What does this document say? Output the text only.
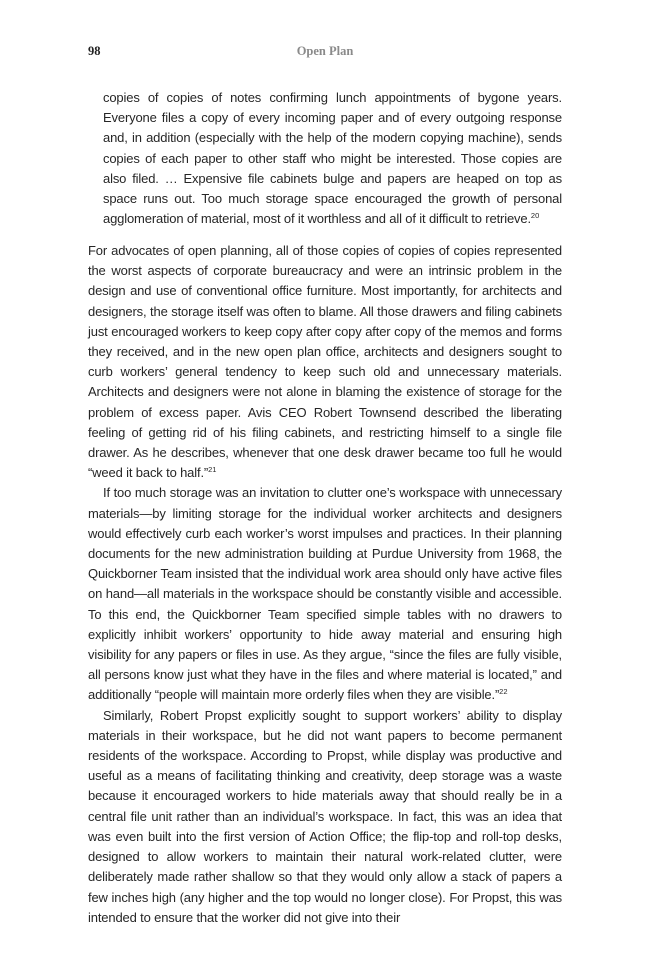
98	Open Plan

copies of copies of notes confirming lunch appointments of bygone years. Everyone files a copy of every incoming paper and of every outgoing response and, in addition (especially with the help of the modern copying machine), sends copies of each paper to other staff who might be interested. Those copies are also filed. … Expensive file cabinets bulge and papers are heaped on top as space runs out. Too much storage space encouraged the growth of personal agglomeration of material, most of it worthless and all of it difficult to retrieve.$^{20}$

For advocates of open planning, all of those copies of copies of copies represented the worst aspects of corporate bureaucracy and were an intrinsic problem in the design and use of conventional office furniture. Most importantly, for architects and designers, the storage itself was often to blame. All those drawers and filing cabinets just encouraged workers to keep copy after copy after copy of the memos and forms they received, and in the new open plan office, architects and designers sought to curb workers’ general tendency to keep such old and unnecessary materials. Architects and designers were not alone in blaming the existence of storage for the problem of excess paper. Avis CEO Robert Townsend described the liberating feeling of getting rid of his filing cabinets, and restricting himself to a single file drawer. As he describes, whenever that one desk drawer became too full he would “weed it back to half.”$^{21}$

If too much storage was an invitation to clutter one’s workspace with unnecessary materials—by limiting storage for the individual worker architects and designers would effectively curb each worker’s worst impulses and practices. In their planning documents for the new administration building at Purdue University from 1968, the Quickborner Team insisted that the individual work area should only have active files on hand—all materials in the workspace should be constantly visible and accessible. To this end, the Quickborner Team specified simple tables with no drawers to explicitly inhibit workers’ opportunity to hide away material and ensuring high visibility for any papers or files in use. As they argue, “since the files are fully visible, all persons know just what they have in the files and where material is located,” and additionally “people will maintain more orderly files when they are visible.”$^{22}$

Similarly, Robert Propst explicitly sought to support workers’ ability to display materials in their workspace, but he did not want papers to become permanent residents of the workspace. According to Propst, while display was productive and useful as a means of facilitating thinking and creativity, deep storage was a waste because it encouraged workers to hide materials away that should really be in a central file unit rather than an individual’s workspace. In fact, this was an idea that was even built into the first version of Action Office; the flip-top and roll-top desks, designed to allow workers to maintain their natural work-related clutter, were deliberately made rather shallow so that they would only allow a stack of papers a few inches high (any higher and the top would no longer close). For Propst, this was intended to ensure that the worker did not give into their
